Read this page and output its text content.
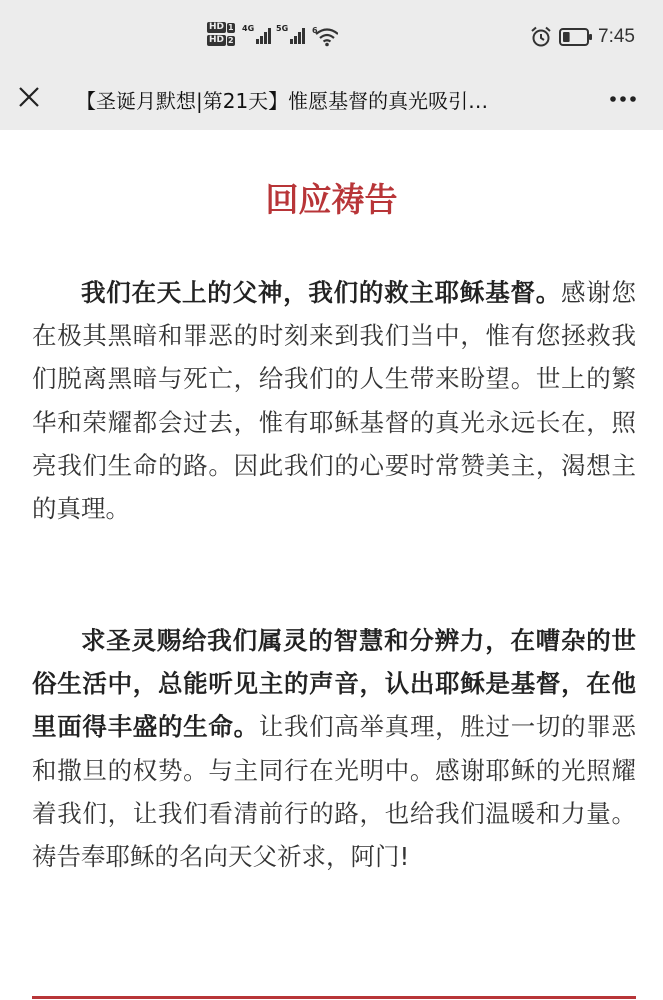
HD 1
HD 2
4G	5G	6	7:45
【圣诞月默想|第21天】惟愿基督的真光吸引…
回应祷告

我们在天上的父神，我们的救主耶稣基督。感谢您在极其黑暗和罪恶的时刻来到我们当中，惟有您拯救我们脱离黑暗与死亡，给我们的人生带来盼望。世上的繁华和荣耀都会过去，惟有耶稣基督的真光永远长在，照亮我们生命的路。因此我们的心要时常赞美主，渴想主的真理。

求圣灵赐给我们属灵的智慧和分辨力，在嘈杂的世俗生活中，总能听见主的声音，认出耶稣是基督，在他里面得丰盛的生命。让我们高举真理，胜过一切的罪恶和撒旦的权势。与主同行在光明中。感谢耶稣的光照耀着我们，让我们看清前行的路，也给我们温暖和力量。祷告奉耶稣的名向天父祈求，阿门!
